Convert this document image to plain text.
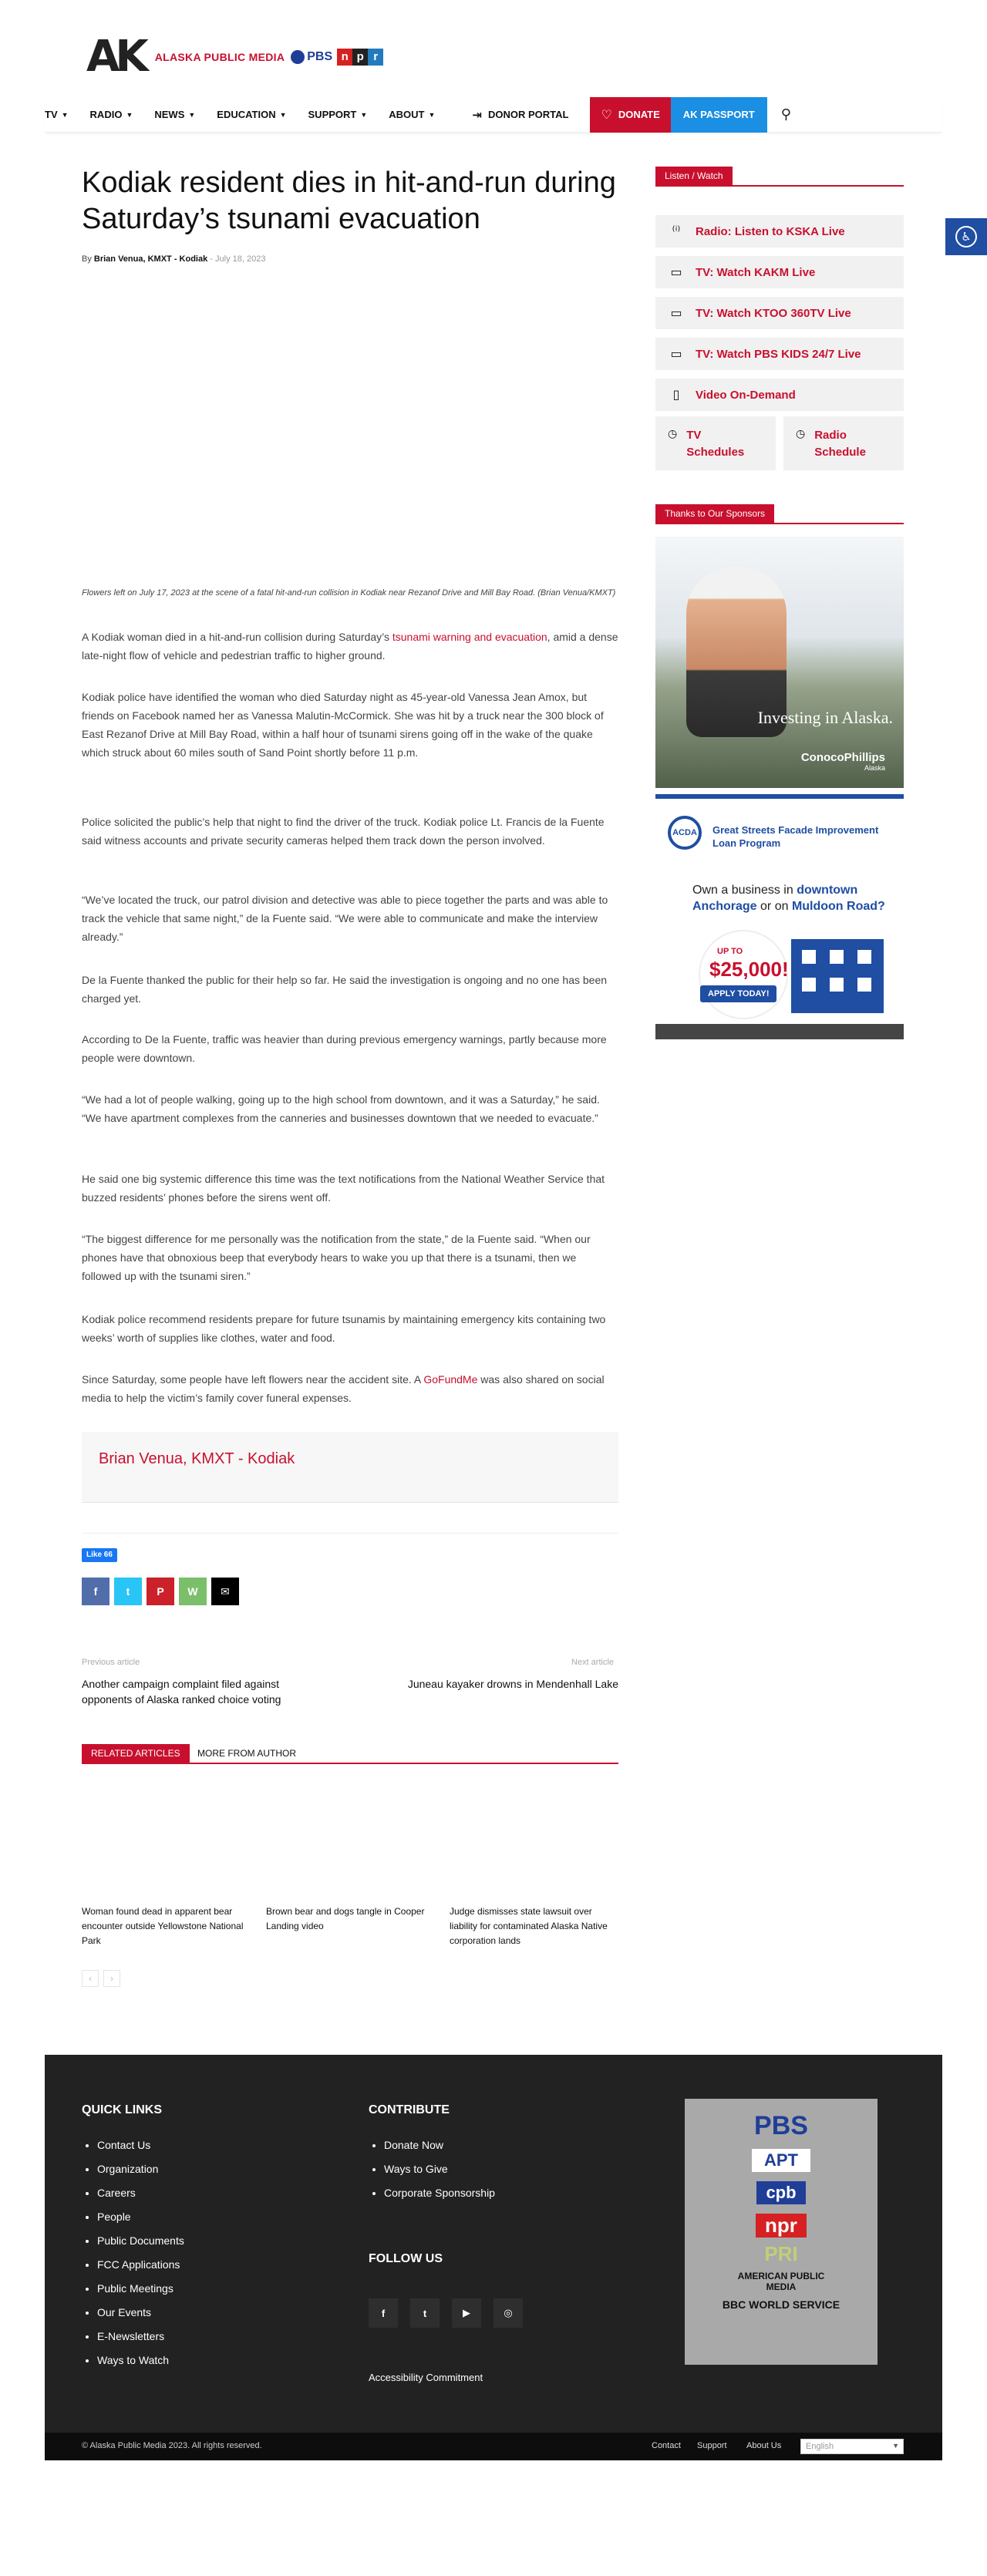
AK ALASKA PUBLIC MEDIA PBS n p r
TV ▼ RADIO ▼ NEWS ▼ EDUCATION ▼ SUPPORT ▼ ABOUT ▼	⇥ DONOR PORTAL	♡ DONATE AK PASSPORT ⚲
♿
Kodiak resident dies in hit-and-run during Saturday’s tsunami evacuation
By Brian Venua, KMXT - Kodiak - July 18, 2023
Flowers left on July 17, 2023 at the scene of a fatal hit-and-run collision in Kodiak near Rezanof Drive and Mill Bay Road. (Brian Venua/KMXT)

A Kodiak woman died in a hit-and-run collision during Saturday’s tsunami warning and evacuation, amid a dense late-night flow of vehicle and pedestrian traffic to higher ground.

Kodiak police have identified the woman who died Saturday night as 45-year-old Vanessa Jean Amox, but friends on Facebook named her as Vanessa Malutin-McCormick. She was hit by a truck near the 300 block of East Rezanof Drive at Mill Bay Road, within a half hour of tsunami sirens going off in the wake of the quake which struck about 60 miles south of Sand Point shortly before 11 p.m.

Police solicited the public’s help that night to find the driver of the truck. Kodiak police Lt. Francis de la Fuente said witness accounts and private security cameras helped them track down the person involved.

“We’ve located the truck, our patrol division and detective was able to piece together the parts and was able to track the vehicle that same night,” de la Fuente said. “We were able to communicate and make the interview already.”

De la Fuente thanked the public for their help so far. He said the investigation is ongoing and no one has been charged yet.

According to De la Fuente, traffic was heavier than during previous emergency warnings, partly because more people were downtown.

“We had a lot of people walking, going up to the high school from downtown, and it was a Saturday,” he said. “We have apartment complexes from the canneries and businesses downtown that we needed to evacuate.”

He said one big systemic difference this time was the text notifications from the National Weather Service that buzzed residents’ phones before the sirens went off.

“The biggest difference for me personally was the notification from the state,” de la Fuente said. “When our phones have that obnoxious beep that everybody hears to wake you up that there is a tsunami, then we followed up with the tsunami siren.”

Kodiak police recommend residents prepare for future tsunamis by maintaining emergency kits containing two weeks’ worth of supplies like clothes, water and food.

Since Saturday, some people have left flowers near the accident site. A GoFundMe was also shared on social media to help the victim’s family cover funeral expenses.

Brian Venua, KMXT - Kodiak
Like 66
f	t	P	W	✉
Previous article
Another campaign complaint filed against opponents of Alaska ranked choice voting
Next article
Juneau kayaker drowns in Mendenhall Lake
RELATED ARTICLES	MORE FROM AUTHOR
Woman found dead in apparent bear encounter outside Yellowstone National Park
Brown bear and dogs tangle in Cooper Landing video
Judge dismisses state lawsuit over liability for contaminated Alaska Native corporation lands
‹	›
Listen / Watch
⁽ⁱ⁾	Radio: Listen to KSKA Live
▭ TV: Watch KAKM Live
▭ TV: Watch KTOO 360TV Live
▭ TV: Watch PBS KIDS 24/7 Live
▯	Video On-Demand
◷ TV Schedules
◷ Radio Schedule
Thanks to Our Sponsors
Investing in Alaska.
ConocoPhillips
Alaska
ACDA	Great Streets Facade Improvement Loan Program
Own a business in downtown Anchorage or on Muldoon Road?
UP TO
$25,000!
APPLY TODAY!
QUICK LINKS
• Contact Us
• Organization
• Careers
• People
• Public Documents
• FCC Applications
• Public Meetings
• Our Events
• E-Newsletters
• Ways to Watch
CONTRIBUTE
• Donate Now
• Ways to Give
• Corporate Sponsorship
FOLLOW US
f	t	▶	◎
Accessibility Commitment
PBS
APT
cpb
npr
PRI
AMERICAN PUBLIC MEDIA
BBC WORLD SERVICE
© Alaska Public Media 2023. All rights reserved.	Contact Support About Us	English	▼
